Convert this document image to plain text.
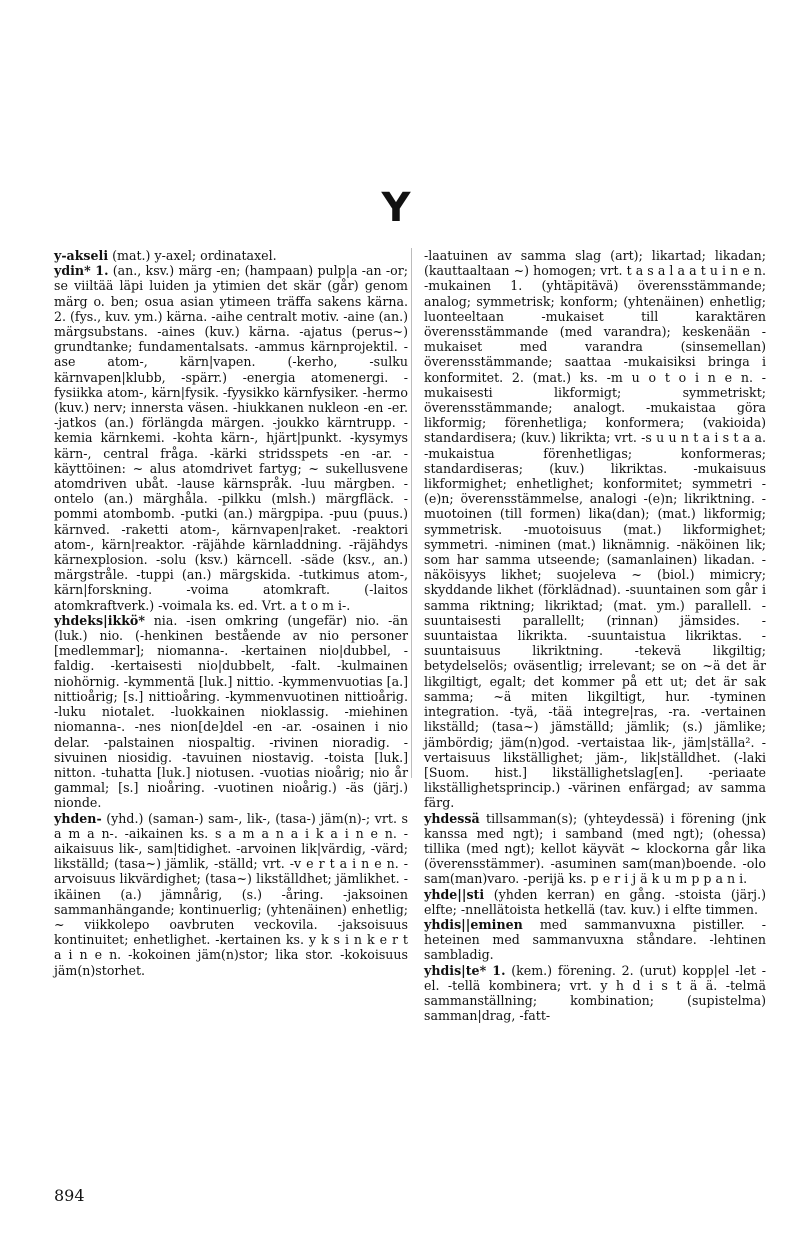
Y

y-akseli (mat.) y-axel; ordinataxel.

ydin* 1. (an., ksv.) märg -en; (hampaan) pulp|a -an -or; se viiltää läpi luiden ja ytimien det skär (går) genom märg o. ben; osua asian ytimeen träffa sakens kärna. 2. (fys., kuv. ym.) kärna. -aihe centralt motiv. -aine (an.) märgsubstans. -aines (kuv.) kärna. -ajatus (perus~) grundtanke; fundamentalsats. -ammus kärnprojektil. -ase atom-, kärn|vapen. (-kerho, -sulku kärnvapen|klubb, -spärr.) -energia atomenergi. -fysiikka atom-, kärn|fysik. -fyysikko kärnfysiker. -hermo (kuv.) nerv; innersta väsen. -hiukkanen nukleon -en -er. -jatkos (an.) förlängda märgen. -joukko kärntrupp. -kemia kärnkemi. -kohta kärn-, hjärt|punkt. -kysymys kärn-, central fråga. -kärki stridsspets -en -ar. -käyttöinen: ~ alus atomdrivet fartyg; ~ sukellusvene atomdriven ubåt. -lause kärnspråk. -luu märgben. -ontelo (an.) märghåla. -pilkku (mlsh.) märgfläck. -pommi atombomb. -putki (an.) märgpipa. -puu (puus.) kärnved. -raketti atom-, kärnvapen|raket. -reaktori atom-, kärn|reaktor. -räjähde kärnladdning. -räjähdys kärnexplosion. -solu (ksv.) kärncell. -säde (ksv., an.) märgstråle. -tuppi (an.) märgskida. -tutkimus atom-, kärn|forskning. -voima atomkraft. (-laitos atomkraftverk.) -voimala ks. ed. Vrt. a t o m i-.

yhdeks|ikkö* nia. -isen omkring (ungefär) nio. -än (luk.) nio. (-henkinen bestående av nio personer [medlemmar]; niomanna-. -kertainen nio|dubbel, -faldig. -kertaisesti nio|dubbelt, -falt. -kulmainen niohörnig. -kymmentä [luk.] nittio. -kymmenvuotias [a.] nittioårig; [s.] nittioåring. -kymmenvuotinen nittioårig. -luku niotalet. -luokkainen nioklassig. -miehinen niomanna-. -nes nion[de]del -en -ar. -osainen i nio delar. -palstainen niospaltig. -rivinen nioradig. -sivuinen niosidig. -tavuinen niostavig. -toista [luk.] nitton. -tuhatta [luk.] niotusen. -vuotias nioårig; nio år gammal; [s.] nioåring. -vuotinen nioårig.) -äs (järj.) nionde.

yhden- (yhd.) (saman-) sam-, lik-, (tasa-) jäm(n)-; vrt. s a m a n-. -aikainen ks. s a m a n a i k a i n e n. -aikaisuus lik-, sam|tidighet. -arvoinen lik|värdig, -värd; likställd; (tasa~) jämlik, -ställd; vrt. -v e r t a i n e n. -arvoisuus likvärdighet; (tasa~) likställdhet; jämlikhet. -ikäinen (a.) jämnårig, (s.) -åring. -jaksoinen sammanhängande; kontinuerlig; (yhtenäinen) enhetlig; ~ viikkolepo oavbruten veckovila. -jaksoisuus kontinuitet; enhetlighet. -kertainen ks. y k s i n k e r t a i n e n. -kokoinen jäm(n)stor; lika stor. -kokoisuus jäm(n)storhet.

-laatuinen av samma slag (art); likartad; likadan; (kauttaaltaan ~) homogen; vrt. t a s a l a a t u i n e n. -mukainen 1. (yhtäpitävä) överensstämmande; analog; symmetrisk; konform; (yhtenäinen) enhetlig; luonteeltaan -mukaiset till karaktären överensstämmande (med varandra); keskenään -mukaiset med varandra (sinsemellan) överensstämmande; saattaa -mukaisiksi bringa i konformitet. 2. (mat.) ks. -m u o t o i n e n. -mukaisesti likformigt; symmetriskt; överensstämmande; analogt. -mukaistaa göra likformig; förenhetliga; konformera; (vakioida) standardisera; (kuv.) likrikta; vrt. -s u u n t a i s t a a. -mukaistua förenhetligas; konformeras; standardiseras; (kuv.) likriktas. -mukaisuus likformighet; enhetlighet; konformitet; symmetri -(e)n; överensstämmelse, analogi -(e)n; likriktning. -muotoinen (till formen) lika(dan); (mat.) likformig; symmetrisk. -muotoisuus (mat.) likformighet; symmetri. -niminen (mat.) liknämnig. -näköinen lik; som har samma utseende; (samanlainen) likadan. -näköisyys likhet; suojeleva ~ (biol.) mimicry; skyddande likhet (förklädnad). -suuntainen som går i samma riktning; likriktad; (mat. ym.) parallell. -suuntaisesti parallellt; (rinnan) jämsides. -suuntaistaa likrikta. -suuntaistua likriktas. -suuntaisuus likriktning. -tekevä likgiltig; betydelselös; oväsentlig; irrelevant; se on ~ä det är likgiltigt, egalt; det kommer på ett ut; det är sak samma; ~ä miten likgiltigt, hur. -tyminen integration. -tyä, -tää integre|ras, -ra. -vertainen likställd; (tasa~) jämställd; jämlik; (s.) jämlike; jämbördig; jäm(n)god. -vertaistaa lik-, jäm|ställa². -vertaisuus likställighet; jäm-, lik|ställdhet. (-laki [Suom. hist.] likställighetslag[en]. -periaate likställighetsprincip.) -värinen enfärgad; av samma färg.

yhdessä tillsamman(s); (yhteydessä) i förening (jnk kanssa med ngt); i samband (med ngt); (ohessa) tillika (med ngt); kellot käyvät ~ klockorna går lika (överensstämmer). -asuminen sam(man)boende. -olo sam(man)varo. -perijä ks. p e r i j ä k u m p p a n i.

yhde||sti (yhden kerran) en gång. -stoista (järj.) elfte; -nnellätoista hetkellä (tav. kuv.) i elfte timmen.

yhdis||eminen med sammanvuxna pistiller. -heteinen med sammanvuxna ståndare. -lehtinen sambladig.

yhdis|te* 1. (kem.) förening. 2. (urut) kopp|el -let -el. -tellä kombinera; vrt. y h d i s t ä ä. -telmä sammanställning; kombination; (supistelma) samman|drag, -fatt-

894
